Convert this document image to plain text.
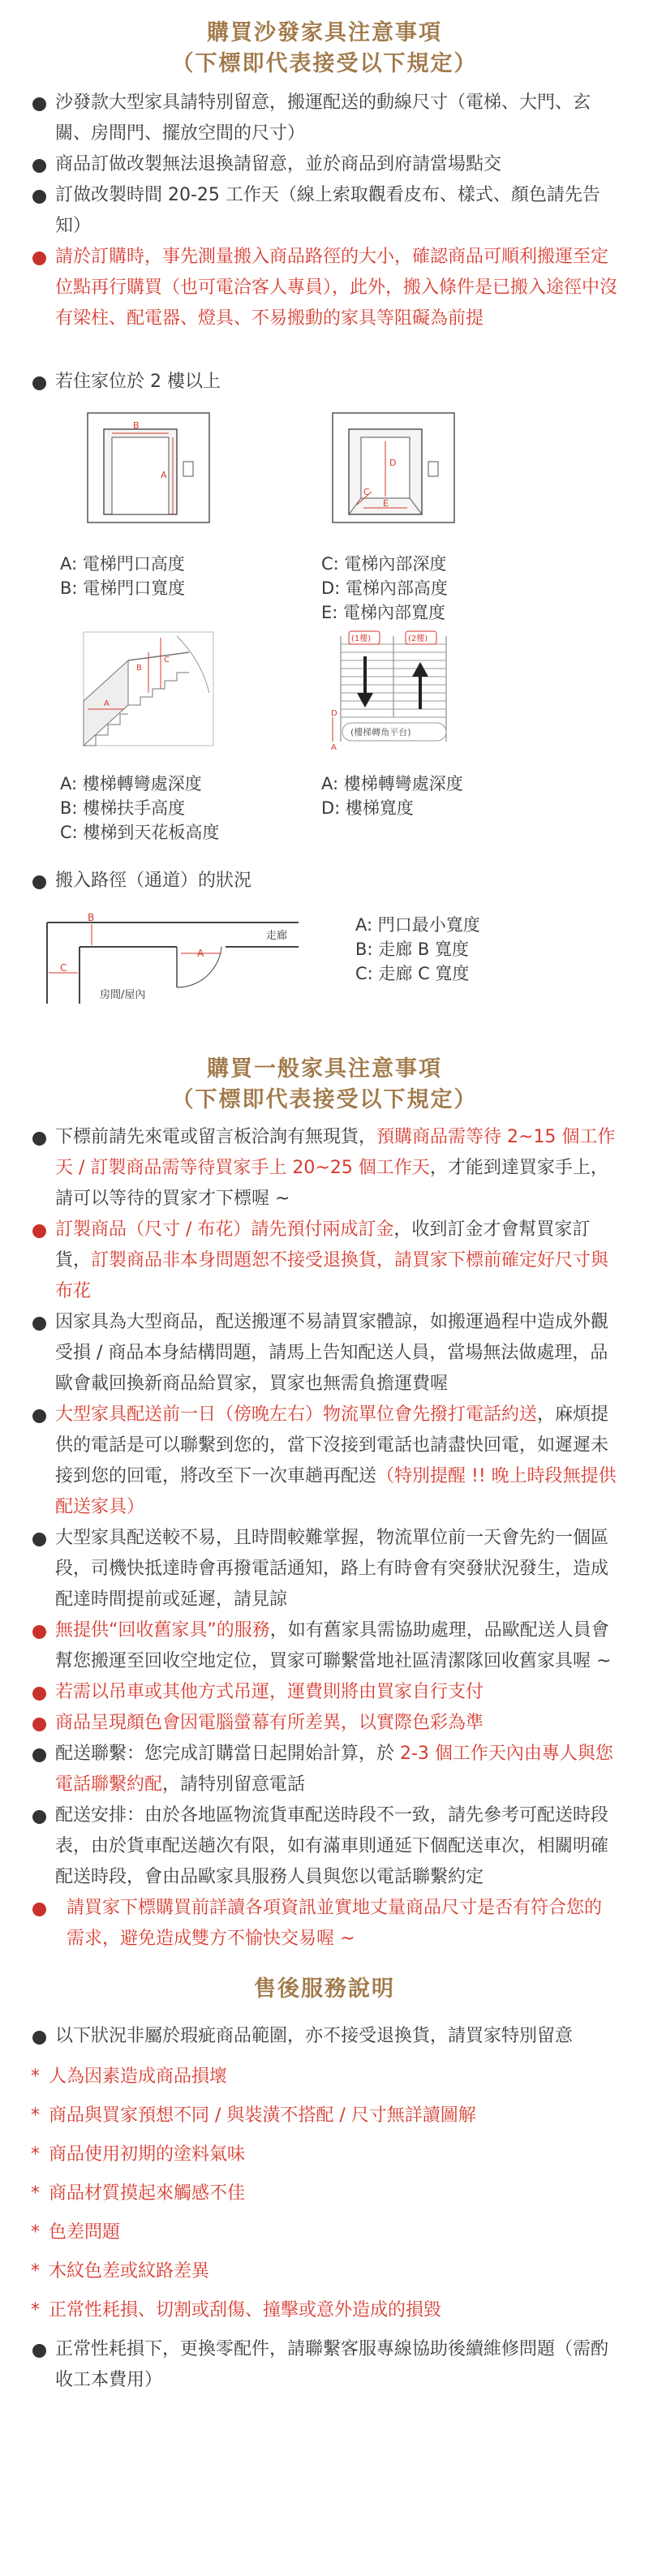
購買沙發家具注意事項
（下標即代表接受以下規定）
沙發款大型家具請特別留意，搬運配送的動線尺寸（電梯、大門、玄關、房間門、擺放空間的尺寸）
商品訂做改製無法退換請留意，並於商品到府請當場點交
訂做改製時間 20-25 工作天（線上索取觀看皮布、樣式、顏色請先告知）
請於訂購時，事先測量搬入商品路徑的大小，確認商品可順利搬運至定位點再行購買（也可電洽客人專員），此外，搬入條件是已搬入途徑中沒有梁柱、配電器、燈具、不易搬動的家具等阻礙為前提
若住家位於 2 樓以上
B
A
A: 電梯門口高度
B: 電梯門口寬度
D
C
E
C: 電梯內部深度
D: 電梯內部高度
E: 電梯內部寬度
B
C
A
A: 樓梯轉彎處深度
B: 樓梯扶手高度
C: 樓梯到天花板高度
(1樓)	(2樓)
(樓梯轉角平台)
D
A
A: 樓梯轉彎處深度
D: 樓梯寬度
搬入路徑（通道）的狀況
B
A
C
走廊
房間/屋內
A: 門口最小寬度
B: 走廊 B 寬度
C: 走廊 C 寬度
購買一般家具注意事項
（下標即代表接受以下規定）
下標前請先來電或留言板洽詢有無現貨，預購商品需等待 2~15 個工作天 / 訂製商品需等待買家手上 20~25 個工作天，才能到達買家手上，請可以等待的買家才下標喔 ~
訂製商品（尺寸 / 布花）請先預付兩成訂金，收到訂金才會幫買家訂貨，訂製商品非本身問題恕不接受退換貨，請買家下標前確定好尺寸與布花
因家具為大型商品，配送搬運不易請買家體諒，如搬運過程中造成外觀受損 / 商品本身結構問題，請馬上告知配送人員，當場無法做處理，品歐會載回換新商品給買家，買家也無需負擔運費喔
大型家具配送前一日（傍晚左右）物流單位會先撥打電話約送，麻煩提供的電話是可以聯繫到您的，當下沒接到電話也請盡快回電，如遲遲未接到您的回電，將改至下一次車趟再配送（特別提醒 !! 晚上時段無提供配送家具）
大型家具配送較不易，且時間較難掌握，物流單位前一天會先約一個區段，司機快抵達時會再撥電話通知，路上有時會有突發狀況發生，造成配達時間提前或延遲，請見諒
無提供“回收舊家具”的服務，如有舊家具需協助處理，品歐配送人員會幫您搬運至回收空地定位，買家可聯繫當地社區清潔隊回收舊家具喔 ~
若需以吊車或其他方式吊運，運費則將由買家自行支付
商品呈現顏色會因電腦螢幕有所差異，以實際色彩為準
配送聯繫：您完成訂購當日起開始計算，於 2-3 個工作天內由專人與您電話聯繫約配，請特別留意電話
配送安排：由於各地區物流貨車配送時段不一致，請先參考可配送時段表，由於貨車配送趟次有限，如有滿車則通延下個配送車次，相關明確配送時段，會由品歐家具服務人員與您以電話聯繫約定
請買家下標購買前詳讀各項資訊並實地丈量商品尺寸是否有符合您的需求，避免造成雙方不愉快交易喔 ~
售後服務說明
以下狀況非屬於瑕疵商品範圍，亦不接受退換貨，請買家特別留意
* 人為因素造成商品損壞
* 商品與買家預想不同 / 與裝潢不搭配 / 尺寸無詳讀圖解
* 商品使用初期的塗料氣味
* 商品材質摸起來觸感不佳
* 色差問題
* 木紋色差或紋路差異
* 正常性耗損、切割或刮傷、撞擊或意外造成的損毀
正常性耗損下，更換零配件，請聯繫客服專線協助後續維修問題（需酌收工本費用）
